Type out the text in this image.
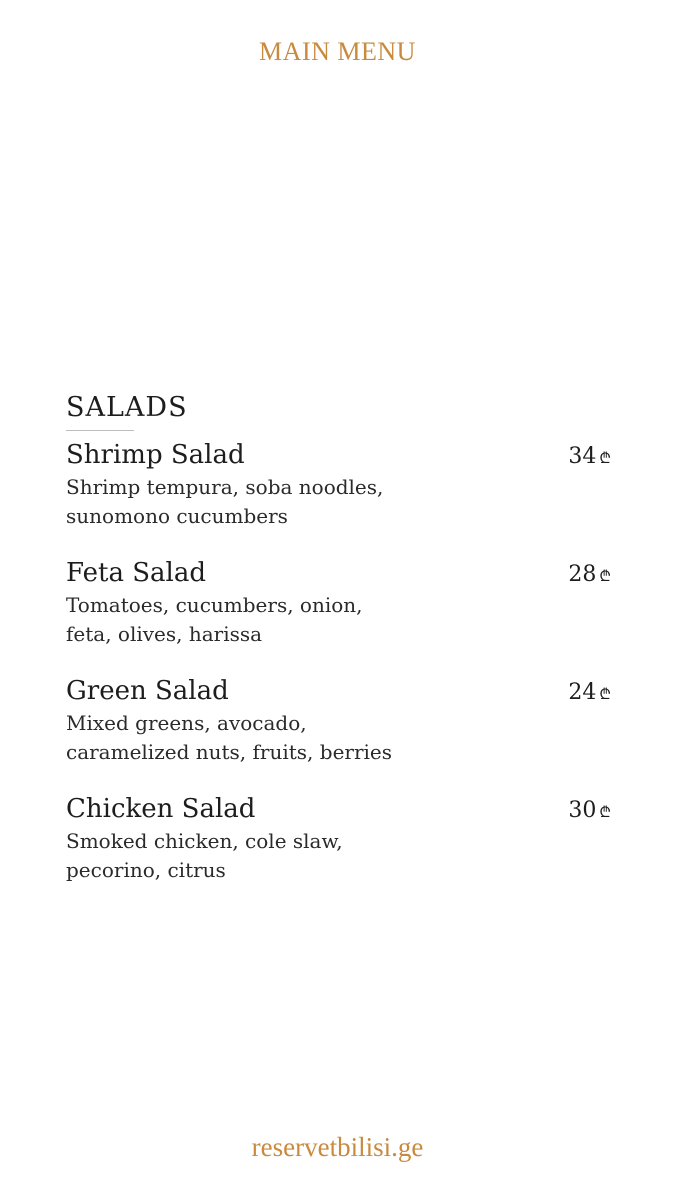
MAIN MENU
SALADS
Shrimp Salad	34 ₾
Shrimp tempura, soba noodles,
sunomono cucumbers
Feta Salad	28 ₾
Tomatoes, cucumbers, onion,
feta, olives, harissa
Green Salad	24 ₾
Mixed greens, avocado,
caramelized nuts, fruits, berries
Chicken Salad	30 ₾
Smoked chicken, cole slaw,
pecorino, citrus
reservetbilisi.ge
